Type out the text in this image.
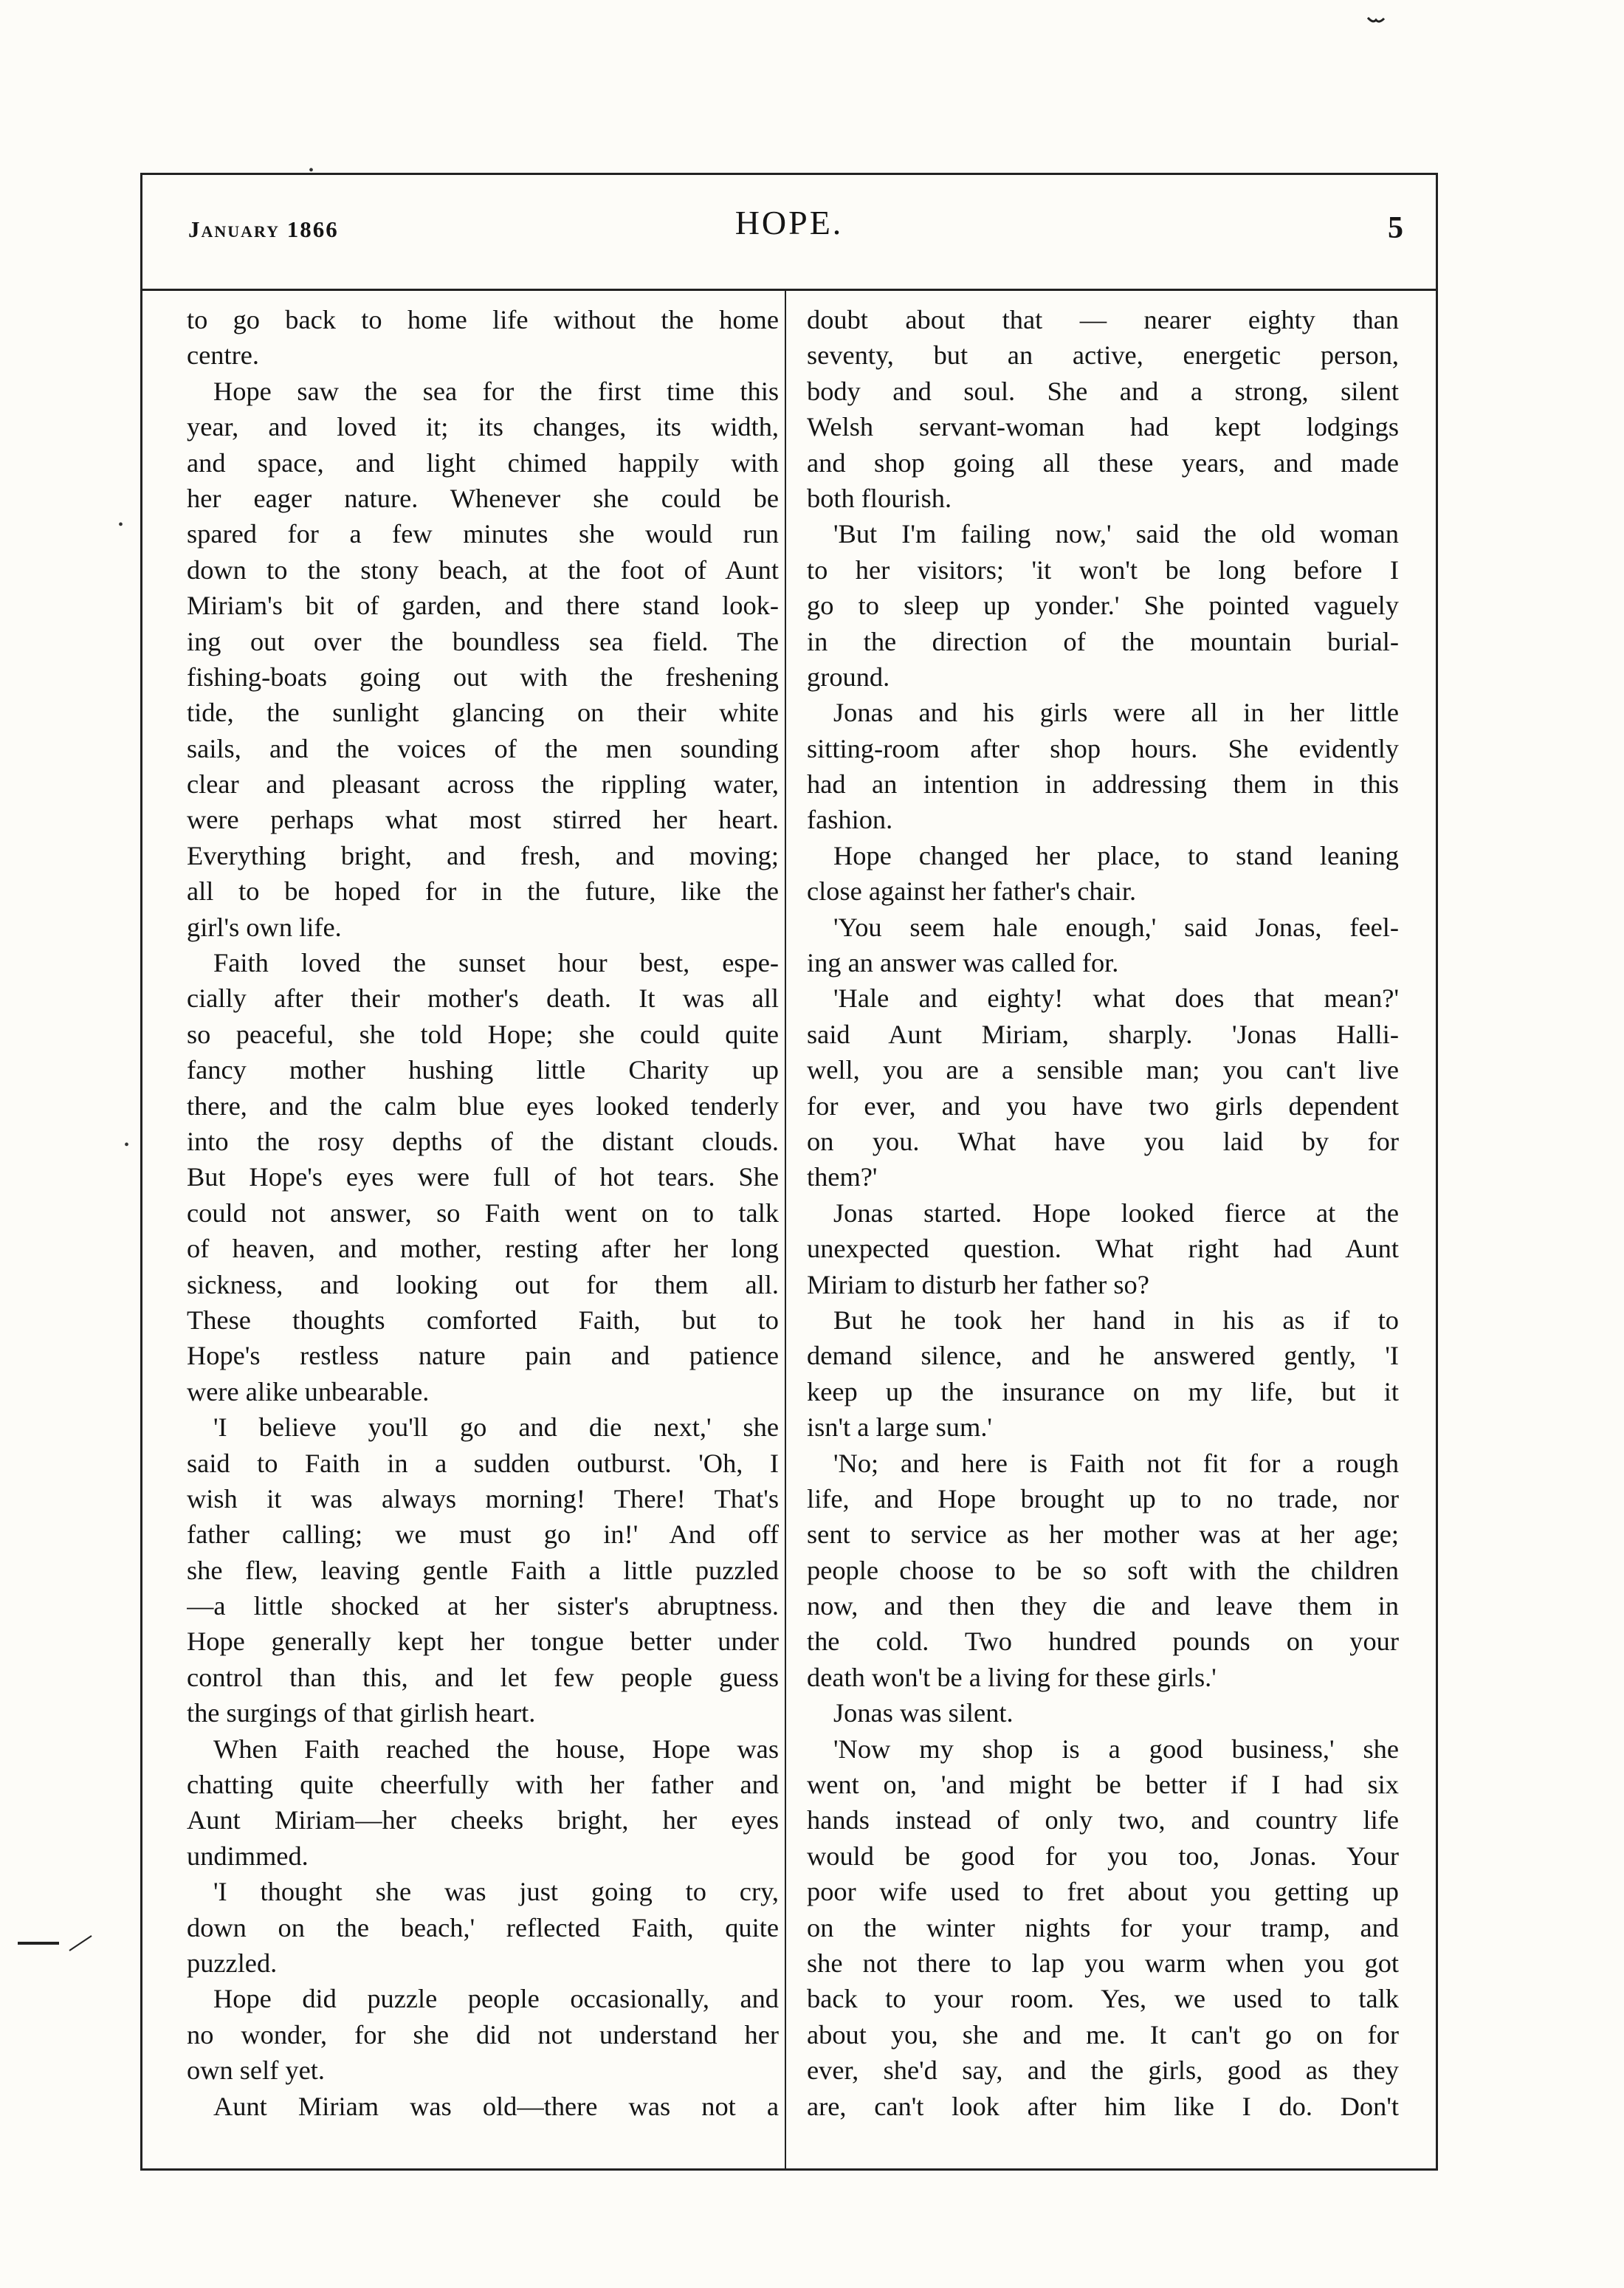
•
•
•
January 1866	HOPE.	5
to go back to home life without the home
centre.
Hope saw the sea for the first time this
year, and loved it; its changes, its width,
and space, and light chimed happily with
her eager nature. Whenever she could be
spared for a few minutes she would run
down to the stony beach, at the foot of Aunt
Miriam's bit of garden, and there stand look-
ing out over the boundless sea field. The
fishing-boats going out with the freshening
tide, the sunlight glancing on their white
sails, and the voices of the men sounding
clear and pleasant across the rippling water,
were perhaps what most stirred her heart.
Everything bright, and fresh, and moving;
all to be hoped for in the future, like the
girl's own life.
Faith loved the sunset hour best, espe-
cially after their mother's death. It was all
so peaceful, she told Hope; she could quite
fancy mother hushing little Charity up
there, and the calm blue eyes looked tenderly
into the rosy depths of the distant clouds.
But Hope's eyes were full of hot tears. She
could not answer, so Faith went on to talk
of heaven, and mother, resting after her long
sickness, and looking out for them all.
These thoughts comforted Faith, but to
Hope's restless nature pain and patience
were alike unbearable.
'I believe you'll go and die next,' she
said to Faith in a sudden outburst. 'Oh, I
wish it was always morning! There! That's
father calling; we must go in!' And off
she flew, leaving gentle Faith a little puzzled
—a little shocked at her sister's abruptness.
Hope generally kept her tongue better under
control than this, and let few people guess
the surgings of that girlish heart.
When Faith reached the house, Hope was
chatting quite cheerfully with her father and
Aunt Miriam—her cheeks bright, her eyes
undimmed.
'I thought she was just going to cry,
down on the beach,' reflected Faith, quite
puzzled.
Hope did puzzle people occasionally, and
no wonder, for she did not understand her
own self yet.
Aunt Miriam was old—there was not a
doubt about that — nearer eighty than
seventy, but an active, energetic person,
body and soul. She and a strong, silent
Welsh servant-woman had kept lodgings
and shop going all these years, and made
both flourish.
'But I'm failing now,' said the old woman
to her visitors; 'it won't be long before I
go to sleep up yonder.' She pointed vaguely
in the direction of the mountain burial-
ground.
Jonas and his girls were all in her little
sitting-room after shop hours. She evidently
had an intention in addressing them in this
fashion.
Hope changed her place, to stand leaning
close against her father's chair.
'You seem hale enough,' said Jonas, feel-
ing an answer was called for.
'Hale and eighty! what does that mean?'
said Aunt Miriam, sharply. 'Jonas Halli-
well, you are a sensible man; you can't live
for ever, and you have two girls dependent
on you. What have you laid by for
them?'
Jonas started. Hope looked fierce at the
unexpected question. What right had Aunt
Miriam to disturb her father so?
But he took her hand in his as if to
demand silence, and he answered gently, 'I
keep up the insurance on my life, but it
isn't a large sum.'
'No; and here is Faith not fit for a rough
life, and Hope brought up to no trade, nor
sent to service as her mother was at her age;
people choose to be so soft with the children
now, and then they die and leave them in
the cold. Two hundred pounds on your
death won't be a living for these girls.'
Jonas was silent.
'Now my shop is a good business,' she
went on, 'and might be better if I had six
hands instead of only two, and country life
would be good for you too, Jonas. Your
poor wife used to fret about you getting up
on the winter nights for your tramp, and
she not there to lap you warm when you got
back to your room. Yes, we used to talk
about you, she and me. It can't go on for
ever, she'd say, and the girls, good as they
are, can't look after him like I do. Don't
